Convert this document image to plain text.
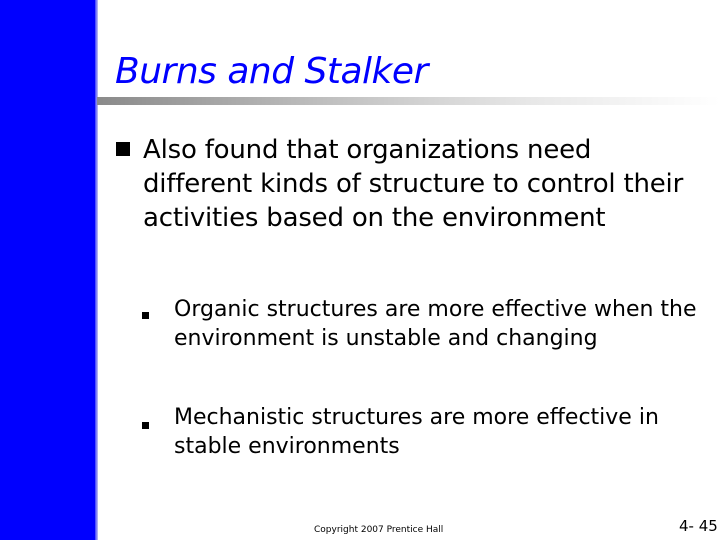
Burns and Stalker
Also found that organizations need different kinds of structure to control their activities based on the environment
Organic structures are more effective when the environment is unstable and changing
Mechanistic structures are more effective in stable environments
Copyright 2007 Prentice Hall	4- 45
